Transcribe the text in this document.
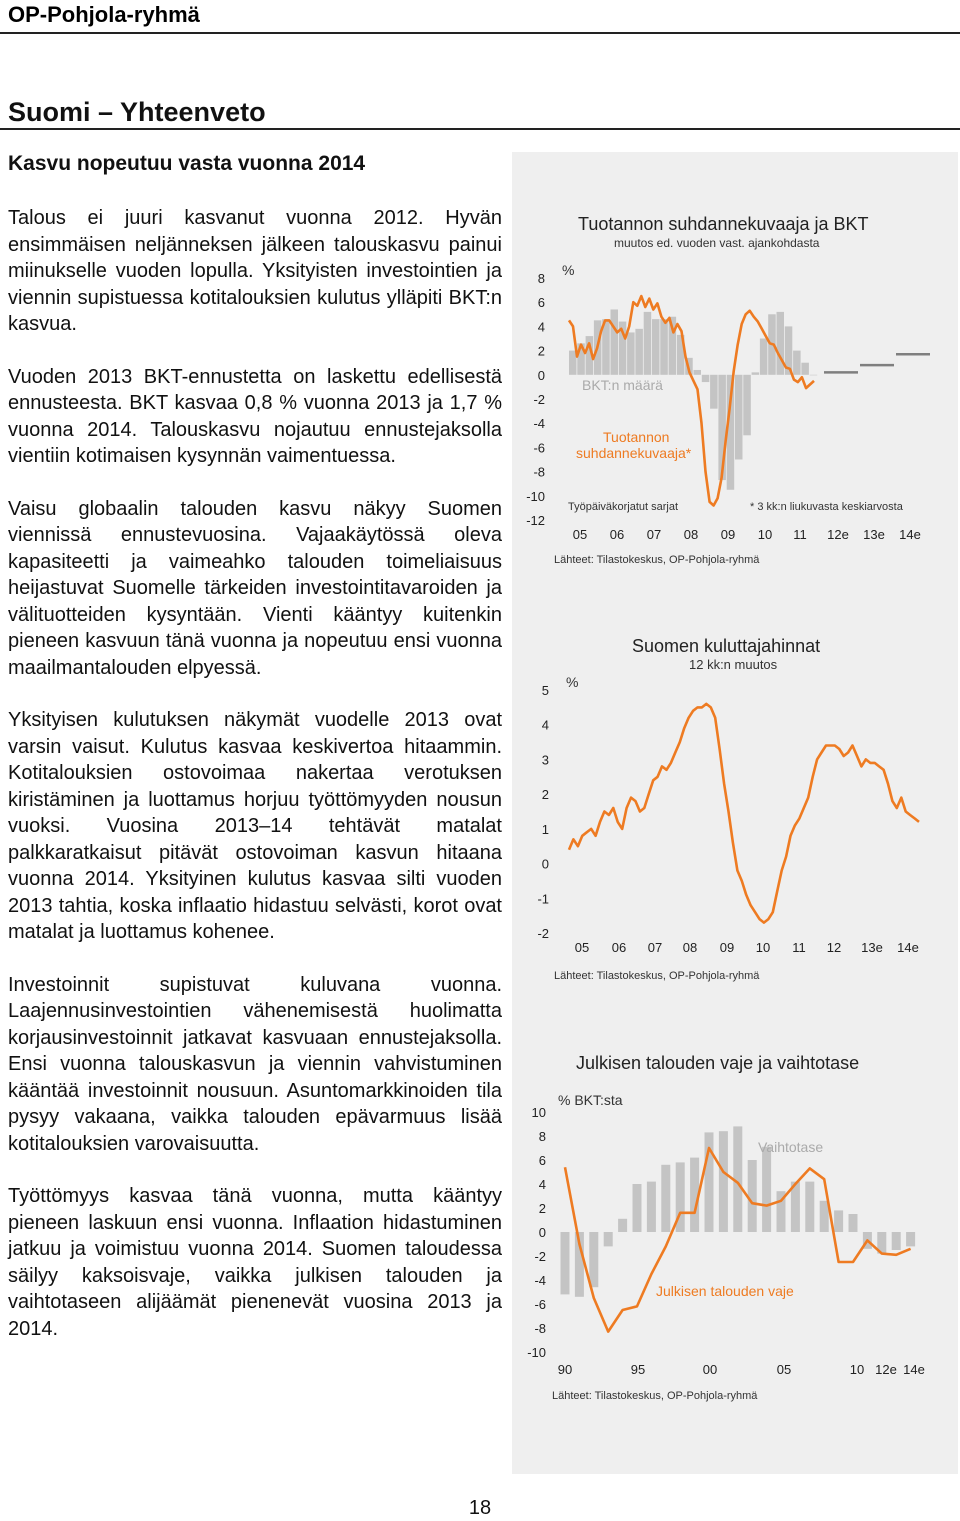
OP-Pohjola-ryhmä
Suomi – Yhteenveto
Kasvu nopeutuu vasta vuonna 2014

Talous ei juuri kasvanut vuonna 2012. Hyvän ensimmäisen neljänneksen jälkeen talouskasvu painui miinukselle vuoden lopulla. Yksityisten investointien ja viennin supistuessa kotitalouksien kulutus ylläpiti BKT:n kasvua.

Vuoden 2013 BKT-ennustetta on laskettu edellisestä ennusteesta. BKT kasvaa 0,8 % vuonna 2013 ja 1,7 % vuonna 2014. Talouskasvu nojautuu ennustejaksolla vientiin kotimaisen kysynnän vaimentuessa.

Vaisu globaalin talouden kasvu näkyy Suomen viennissä ennustevuosina. Vajaakäytössä oleva kapasiteetti ja vaimeahko talouden toimeliaisuus heijastuvat Suomelle tärkeiden investointitavaroiden ja välituotteiden kysyntään. Vienti kääntyy kuitenkin pieneen kasvuun tänä vuonna ja nopeutuu ensi vuonna maailmantalouden elpyessä.

Yksityisen kulutuksen näkymät vuodelle 2013 ovat varsin vaisut. Kulutus kasvaa keskivertoa hitaammin. Kotitalouksien ostovoimaa nakertaa verotuksen kiristäminen ja luottamus horjuu työttömyyden nousun vuoksi. Vuosina 2013–14 tehtävät matalat palkkaratkaisut pitävät ostovoiman kasvun hitaana vuonna 2014. Yksityinen kulutus kasvaa silti vuoden 2013 tahtia, koska inflaatio hidastuu selvästi, korot ovat matalat ja luottamus kohenee.

Investoinnit supistuvat kuluvana vuonna. Laajennusinvestointien vähenemisestä huolimatta korjausinvestoinnit jatkavat kasvuaan ennustejaksolla. Ensi vuonna talouskasvun ja viennin vahvistuminen kääntää investoinnit nousuun. Asuntomarkkinoiden tila pysyy vakaana, vaikka talouden epävarmuus lisää kotitalouksien varovaisuutta.

Työttömyys kasvaa tänä vuonna, mutta kääntyy pieneen laskuun ensi vuonna. Inflaation hidastuminen jatkuu ja voimistuu vuonna 2014. Suomen taloudessa säilyy kaksoisvaje, vaikka julkisen talouden ja vaihtotaseen alijäämät pienenevät vuosina 2013 ja 2014.

Tuotannon suhdannekuvaaja ja BKT
muutos ed. vuoden vast. ajankohdasta
%
8
6
4
2
0
-2
-4
-6
-8
-10
-12
BKT:n määrä
Tuotannon
suhdannekuvaaja*
Työpäiväkorjatut sarjat	* 3 kk:n liukuvasta keskiarvosta
05 06 07 08 09 10 11 12e 13e 14e
Lähteet: Tilastokeskus, OP-Pohjola-ryhmä
Suomen kuluttajahinnat
12 kk:n muutos
%
5
4
3
2
1
0
-1
-2
05 06 07 08 09 10 11 12 13e 14e
Lähteet: Tilastokeskus, OP-Pohjola-ryhmä
Julkisen talouden vaje ja vaihtotase
% BKT:sta
10
8
6
4
2
0
-2
-4
-6
-8
-10
Vaihtotase
Julkisen talouden vaje
90	95	00	05	10 12e 14e
Lähteet: Tilastokeskus, OP-Pohjola-ryhmä
18
